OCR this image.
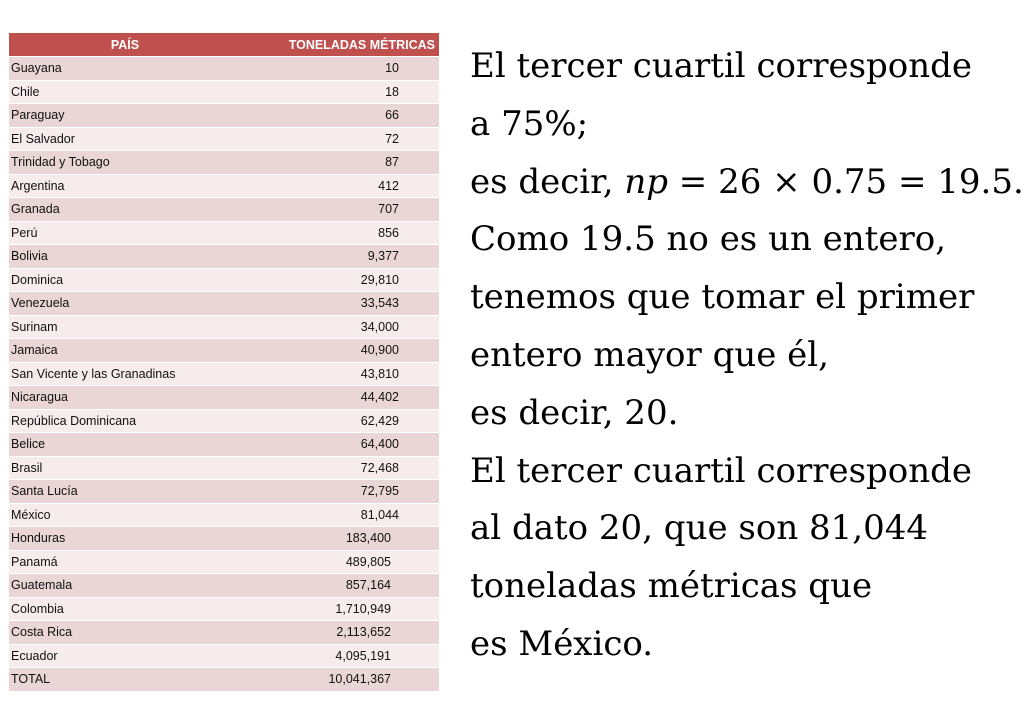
PAÍS	TONELADAS MÉTRICAS
Guayana	10
Chile	18
Paraguay	66
El Salvador	72
Trinidad y Tobago	87
Argentina	412
Granada	707
Perú	856
Bolivia	9,377
Dominica	29,810
Venezuela	33,543
Surinam	34,000
Jamaica	40,900
San Vicente y las Granadinas	43,810
Nicaragua	44,402
República Dominicana	62,429
Belice	64,400
Brasil	72,468
Santa Lucía	72,795
México	81,044
Honduras	183,400
Panamá	489,805
Guatemala	857,164
Colombia	1,710,949
Costa Rica	2,113,652
Ecuador	4,095,191
TOTAL	10,041,367
El tercer cuartil corresponde
a 75%;
es decir, np = 26 × 0.75 = 19.5.
Como 19.5 no es un entero,
tenemos que tomar el primer
entero mayor que él,
es decir, 20.
El tercer cuartil corresponde
al dato 20, que son 81,044
toneladas métricas que
es México.
